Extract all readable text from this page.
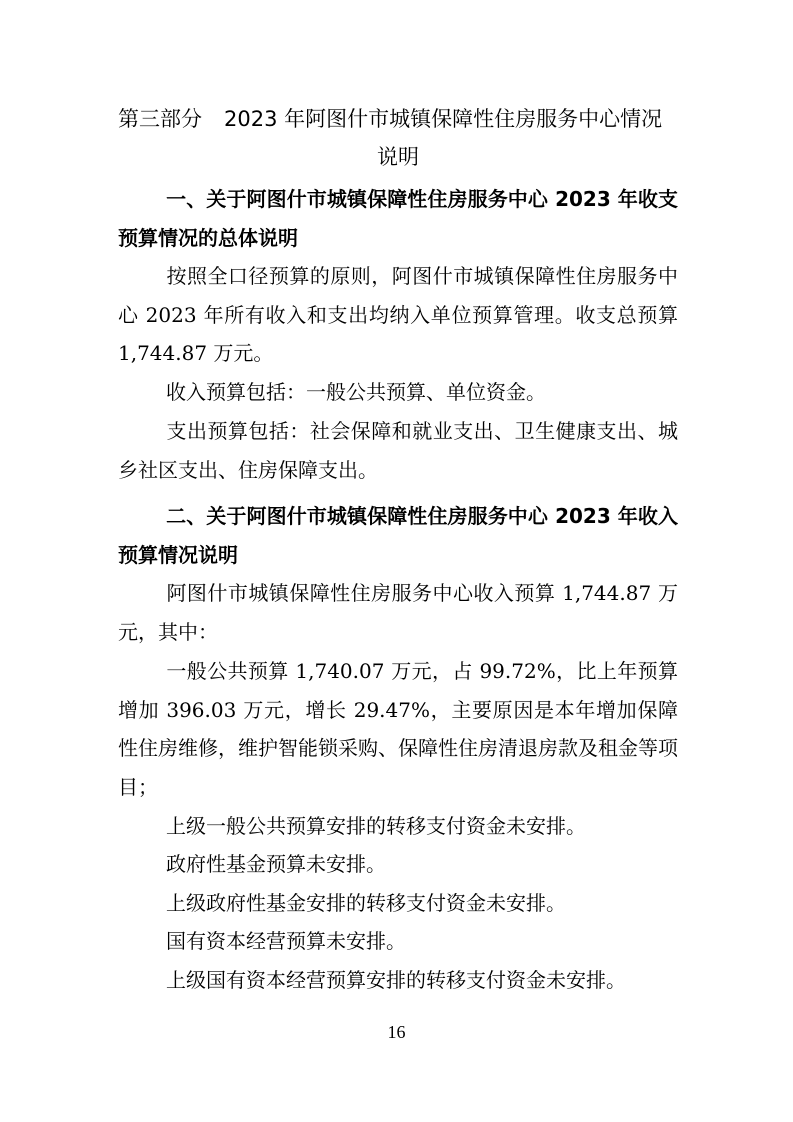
第三部分 2023 年阿图什市城镇保障性住房服务中心情况
说明

一、关于阿图什市城镇保障性住房服务中心 2023 年收支预算情况的总体说明

按照全口径预算的原则，阿图什市城镇保障性住房服务中心 2023 年所有收入和支出均纳入单位预算管理。收支总预算 1,744.87 万元。

收入预算包括：一般公共预算、单位资金。

支出预算包括：社会保障和就业支出、卫生健康支出、城乡社区支出、住房保障支出。

二、关于阿图什市城镇保障性住房服务中心 2023 年收入预算情况说明

阿图什市城镇保障性住房服务中心收入预算 1,744.87 万元，其中：

一般公共预算 1,740.07 万元，占 99.72%，比上年预算增加 396.03 万元，增长 29.47%，主要原因是本年增加保障性住房维修，维护智能锁采购、保障性住房清退房款及租金等项目；

上级一般公共预算安排的转移支付资金未安排。

政府性基金预算未安排。

上级政府性基金安排的转移支付资金未安排。

国有资本经营预算未安排。

上级国有资本经营预算安排的转移支付资金未安排。

16
